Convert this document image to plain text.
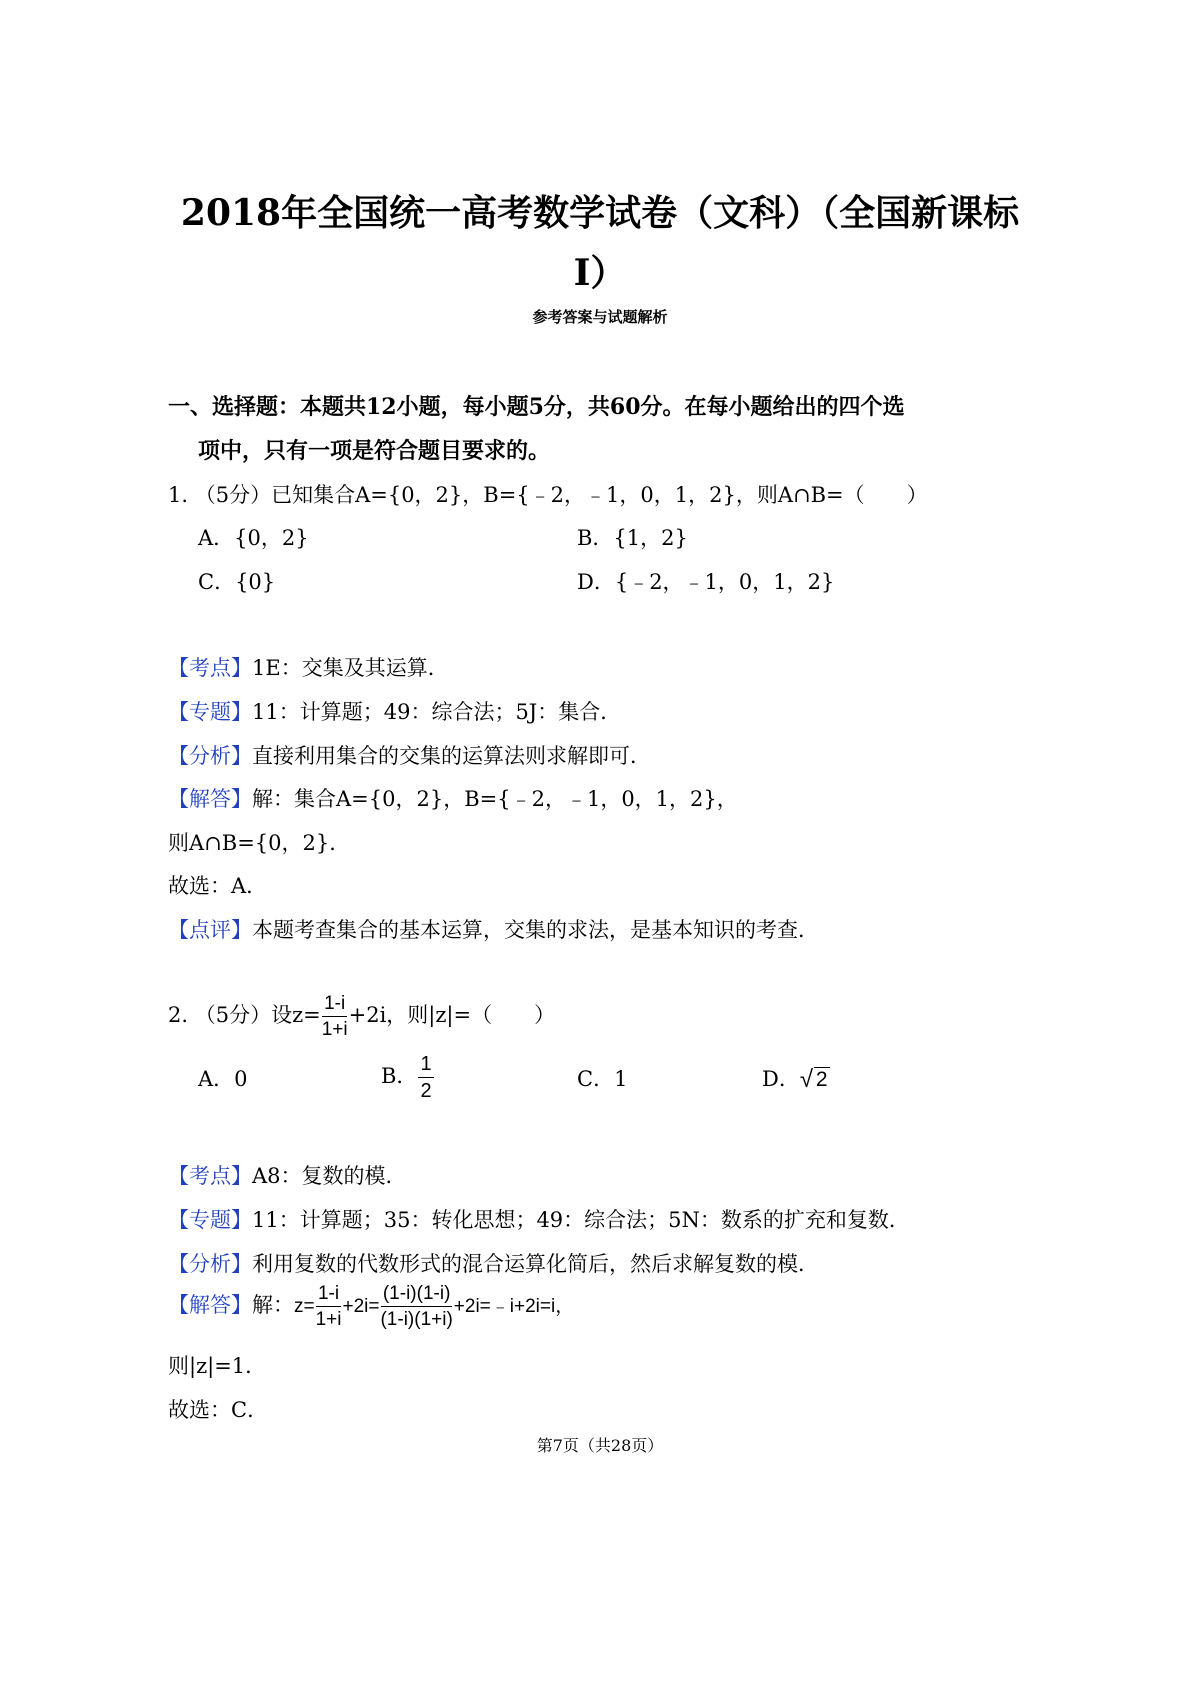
2018年全国统一高考数学试卷（文科）（全国新课标
Ⅰ）
参考答案与试题解析
一、选择题：本题共12小题，每小题5分，共60分。在每小题给出的四个选
项中，只有一项是符合题目要求的。
1. （5分）已知集合A={0，2}，B={﹣2，﹣1，0，1，2}，则A∩B=（　　）
A．{0，2}	B．{1，2}
C．{0}	D．{﹣2，﹣1，0，1，2}
【考点】1E：交集及其运算．
【专题】11：计算题；49：综合法；5J：集合．
【分析】直接利用集合的交集的运算法则求解即可．
【解答】解：集合A={0，2}，B={﹣2，﹣1，0，1，2}，
则A∩B={0，2}．
故选：A．
【点评】本题考查集合的基本运算，交集的求法，是基本知识的考查．
2. （5分）设$z= \frac{1-i}{1+i} +2i$，则|z|=（　　）
A．0	B． $\frac{1}{2}$	C．1	D． √ 2
【考点】A8：复数的模．
【专题】11：计算题；35：转化思想；49：综合法；5N：数系的扩充和复数．
【分析】利用复数的代数形式的混合运算化简后，然后求解复数的模．
【解答】解：$z= \frac{1-i}{1+i} +2i= \frac{(1-i)(1-i)}{(1-i)(1+i)}$ +2i=﹣i+2i=i，
则|z|=1．
故选：C．
第7页（共28页）
